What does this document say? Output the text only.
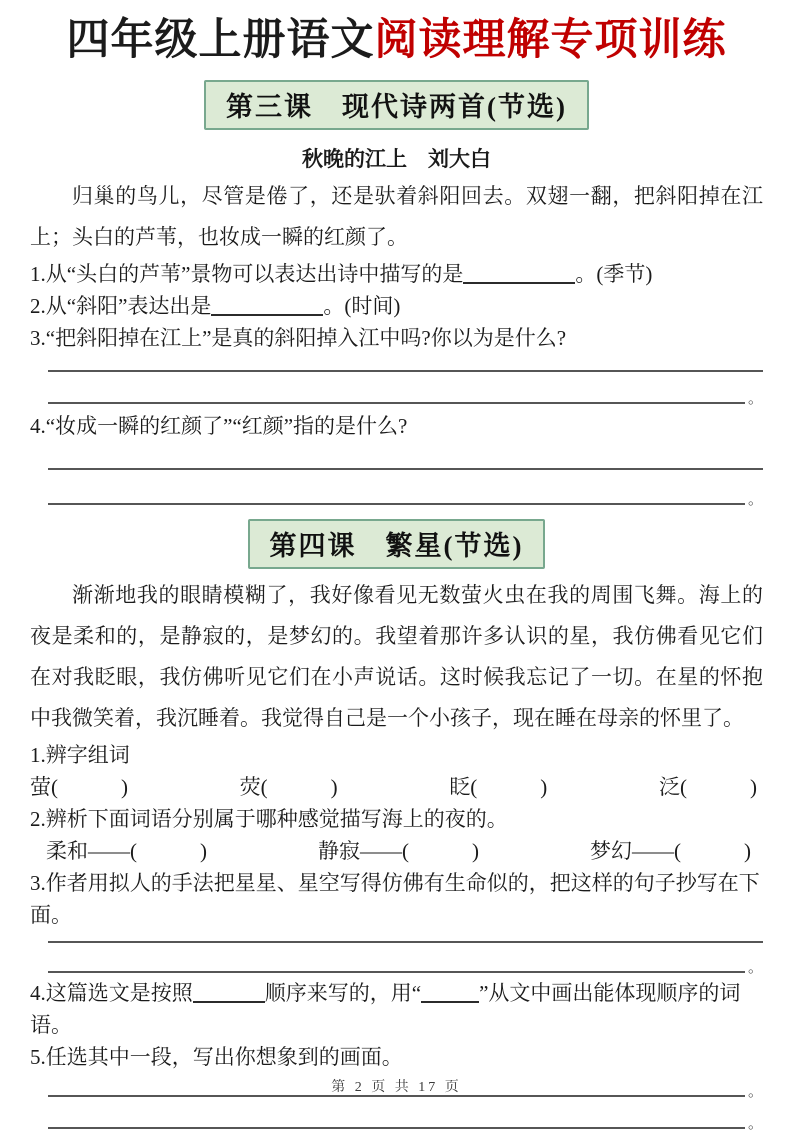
四年级上册语文阅读理解专项训练
第三课　现代诗两首(节选)
秋晚的江上　刘大白
归巢的鸟儿，尽管是倦了，还是驮着斜阳回去。双翅一翻，把斜阳掉在江上；头白的芦苇，也妆成一瞬的红颜了。
1.从“头白的芦苇”景物可以表达出诗中描写的是	。(季节)
2.从“斜阳”表达出是	。(时间)
3.“把斜阳掉在江上”是真的斜阳掉入江中吗?你以为是什么?
。
4.“妆成一瞬的红颜了”“红颜”指的是什么?
。
第四课　繁星(节选)
渐渐地我的眼睛模糊了，我好像看见无数萤火虫在我的周围飞舞。海上的夜是柔和的，是静寂的，是梦幻的。我望着那许多认识的星，我仿佛看见它们在对我眨眼，我仿佛听见它们在小声说话。这时候我忘记了一切。在星的怀抱中我微笑着，我沉睡着。我觉得自己是一个小孩子，现在睡在母亲的怀里了。
1.辨字组词
萤(　　　)	荧(　　　)	眨(　　　)	泛(　　　)
2.辨析下面词语分别属于哪种感觉描写海上的夜的。
柔和——(　　　)	静寂——(　　　)	梦幻——(　　　)
3.作者用拟人的手法把星星、星空写得仿佛有生命似的，把这样的句子抄写在下面。
。
4.这篇选文是按照	顺序来写的，用“	”从文中画出能体现顺序的词语。
5.任选其中一段，写出你想象到的画面。
。
。
第 2 页 共 17 页
